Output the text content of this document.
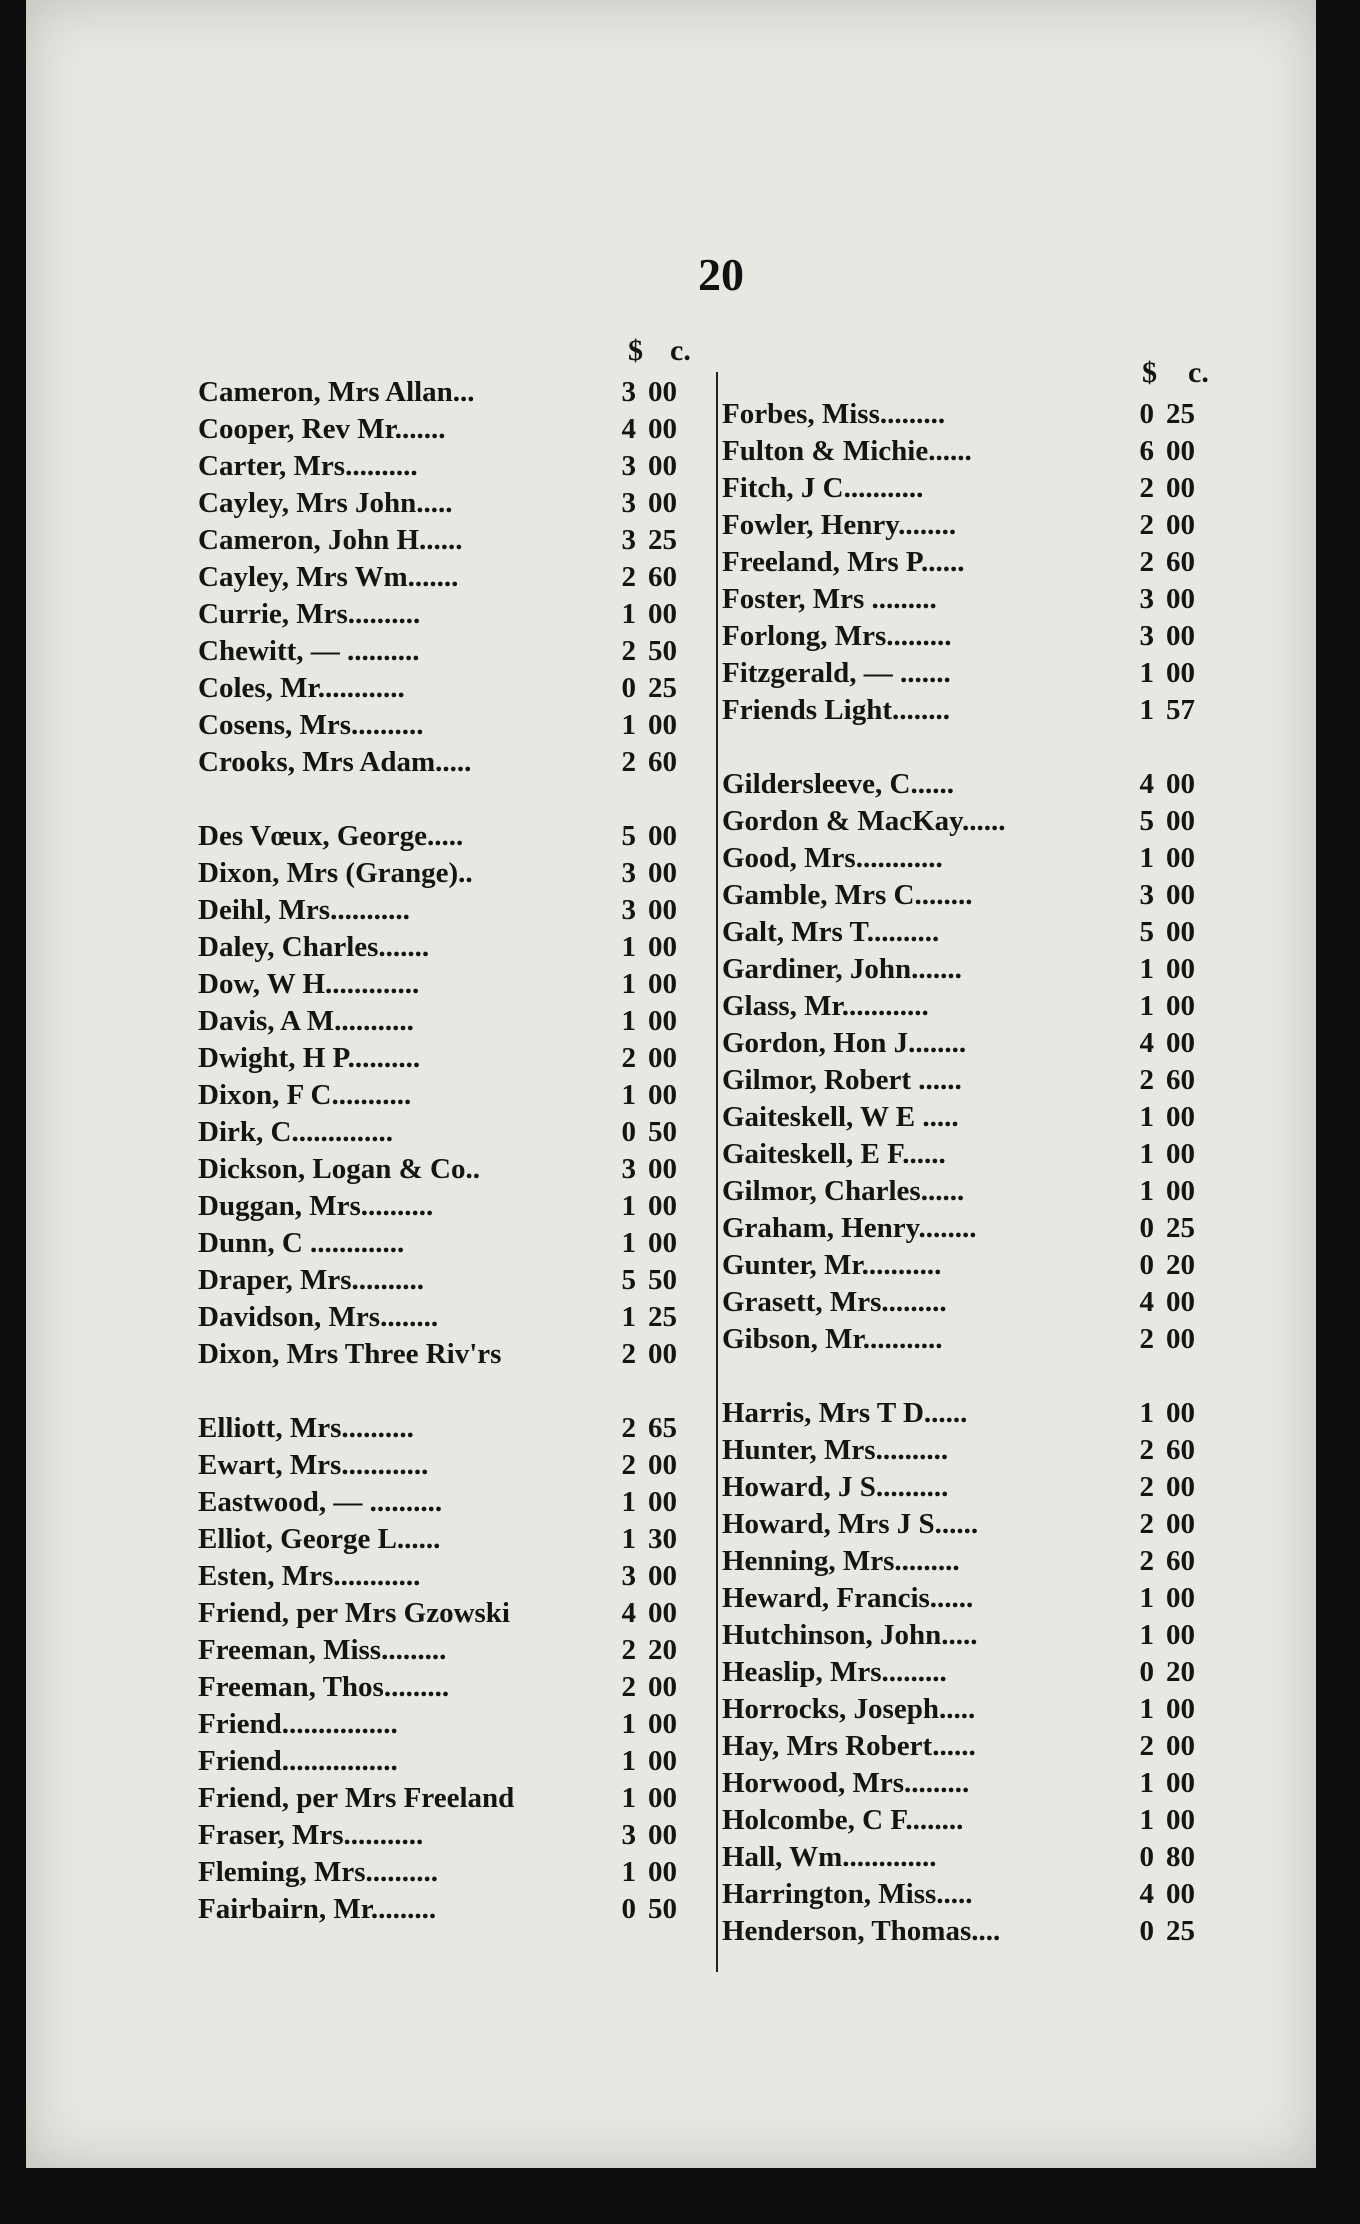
20
$ c.
Cameron, Mrs Allan...	3 00
Cooper, Rev Mr.......	4 00
Carter, Mrs..........	3 00
Cayley, Mrs John.....	3 00
Cameron, John H......	3 25
Cayley, Mrs Wm.......	2 60
Currie, Mrs..........	1 00
Chewitt, — ..........	2 50
Coles, Mr............	0 25
Cosens, Mrs..........	1 00
Crooks, Mrs Adam.....	2 60
Des Vœux, George.....	5 00
Dixon, Mrs (Grange)..	3 00
Deihl, Mrs...........	3 00
Daley, Charles.......	1 00
Dow, W H.............	1 00
Davis, A M...........	1 00
Dwight, H P..........	2 00
Dixon, F C...........	1 00
Dirk, C..............	0 50
Dickson, Logan & Co..	3 00
Duggan, Mrs..........	1 00
Dunn, C .............	1 00
Draper, Mrs..........	5 50
Davidson, Mrs........	1 25
Dixon, Mrs Three Riv'rs	2 00
Elliott, Mrs..........	2 65
Ewart, Mrs............	2 00
Eastwood, — ..........	1 00
Elliot, George L......	1 30
Esten, Mrs............	3 00
Friend, per Mrs Gzowski	4 00
Freeman, Miss.........	2 20
Freeman, Thos.........	2 00
Friend................	1 00
Friend................	1 00
Friend, per Mrs Freeland	1 00
Fraser, Mrs...........	3 00
Fleming, Mrs..........	1 00
Fairbairn, Mr.........	0 50
$ c.
Forbes, Miss.........	0 25
Fulton & Michie......	6 00
Fitch, J C...........	2 00
Fowler, Henry........	2 00
Freeland, Mrs P......	2 60
Foster, Mrs .........	3 00
Forlong, Mrs.........	3 00
Fitzgerald, — .......	1 00
Friends Light........	1 57
Gildersleeve, C......	4 00
Gordon & MacKay......	5 00
Good, Mrs............	1 00
Gamble, Mrs C........	3 00
Galt, Mrs T..........	5 00
Gardiner, John.......	1 00
Glass, Mr............	1 00
Gordon, Hon J........	4 00
Gilmor, Robert ......	2 60
Gaiteskell, W E .....	1 00
Gaiteskell, E F......	1 00
Gilmor, Charles......	1 00
Graham, Henry........	0 25
Gunter, Mr...........	0 20
Grasett, Mrs.........	4 00
Gibson, Mr...........	2 00
Harris, Mrs T D......	1 00
Hunter, Mrs..........	2 60
Howard, J S..........	2 00
Howard, Mrs J S......	2 00
Henning, Mrs.........	2 60
Heward, Francis......	1 00
Hutchinson, John.....	1 00
Heaslip, Mrs.........	0 20
Horrocks, Joseph.....	1 00
Hay, Mrs Robert......	2 00
Horwood, Mrs.........	1 00
Holcombe, C F........	1 00
Hall, Wm.............	0 80
Harrington, Miss.....	4 00
Henderson, Thomas....	0 25
